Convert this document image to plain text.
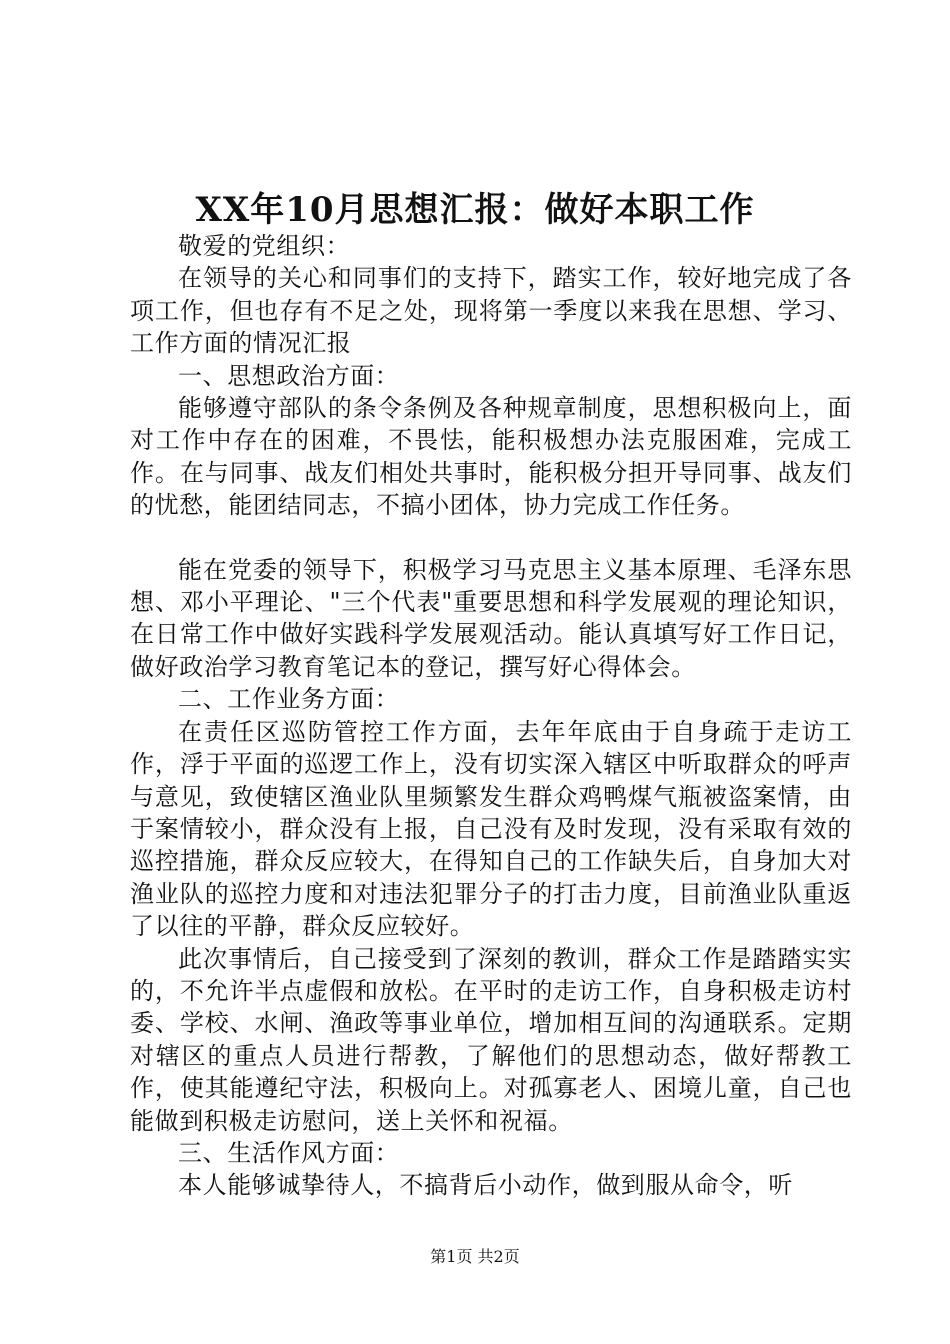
XX年10月思想汇报：做好本职工作

敬爱的党组织：

在领导的关心和同事们的支持下，踏实工作，较好地完成了各项工作，但也存有不足之处，现将第一季度以来我在思想、学习、工作方面的情况汇报

一、思想政治方面：

能够遵守部队的条令条例及各种规章制度，思想积极向上，面对工作中存在的困难，不畏怯，能积极想办法克服困难，完成工作。在与同事、战友们相处共事时，能积极分担开导同事、战友们的忧愁，能团结同志，不搞小团体，协力完成工作任务。

能在党委的领导下，积极学习马克思主义基本原理、毛泽东思想、邓小平理论、"三个代表"重要思想和科学发展观的理论知识，在日常工作中做好实践科学发展观活动。能认真填写好工作日记，做好政治学习教育笔记本的登记，撰写好心得体会。

二、工作业务方面：

在责任区巡防管控工作方面，去年年底由于自身疏于走访工作，浮于平面的巡逻工作上，没有切实深入辖区中听取群众的呼声与意见，致使辖区渔业队里频繁发生群众鸡鸭煤气瓶被盗案情，由于案情较小，群众没有上报，自己没有及时发现，没有采取有效的巡控措施，群众反应较大，在得知自己的工作缺失后，自身加大对渔业队的巡控力度和对违法犯罪分子的打击力度，目前渔业队重返了以往的平静，群众反应较好。

此次事情后，自己接受到了深刻的教训，群众工作是踏踏实实的，不允许半点虚假和放松。在平时的走访工作，自身积极走访村委、学校、水闸、渔政等事业单位，增加相互间的沟通联系。定期对辖区的重点人员进行帮教，了解他们的思想动态，做好帮教工作，使其能遵纪守法，积极向上。对孤寡老人、困境儿童，自己也能做到积极走访慰问，送上关怀和祝福。

三、生活作风方面：

本人能够诚挚待人，不搞背后小动作，做到服从命令，听

第1页 共2页
